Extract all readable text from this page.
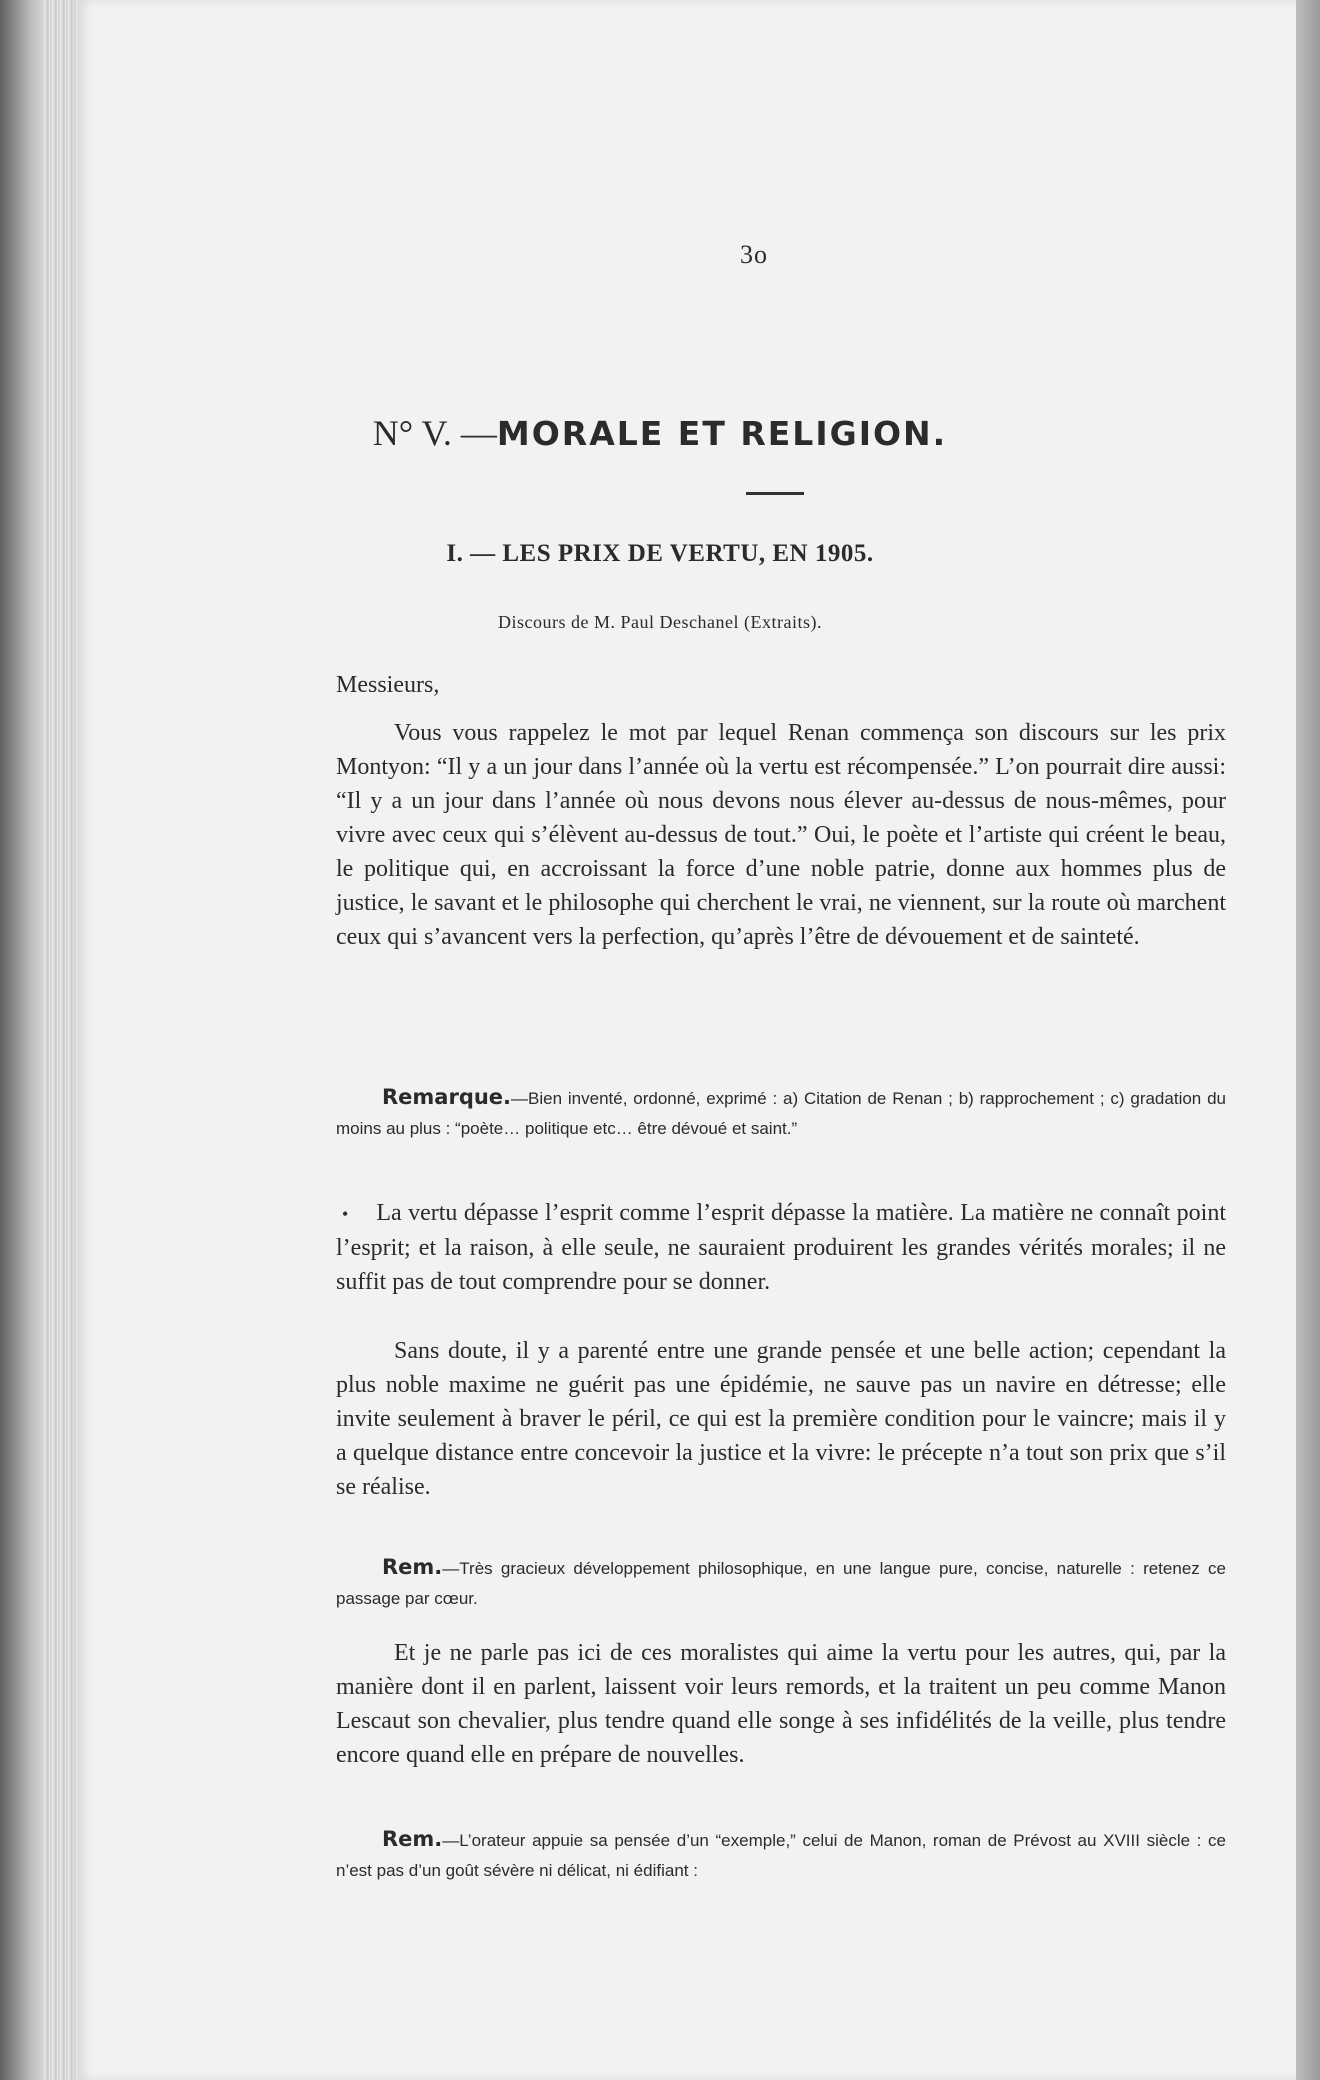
3o
N° V. —MORALE ET RELIGION.
I. — LES PRIX DE VERTU, EN 1905.
Discours de M. Paul Deschanel (Extraits).
Messieurs,
Vous vous rappelez le mot par lequel Renan commença son discours sur les prix Montyon: “Il y a un jour dans l’année où la vertu est récompensée.” L’on pourrait dire aussi: “Il y a un jour dans l’année où nous devons nous élever au-dessus de nous-mêmes, pour vivre avec ceux qui s’élèvent au-dessus de tout.” Oui, le poète et l’artiste qui créent le beau, le politique qui, en accroissant la force d’une noble patrie, donne aux hommes plus de justice, le savant et le philosophe qui cherchent le vrai, ne viennent, sur la route où marchent ceux qui s’avancent vers la perfection, qu’après l’être de dévouement et de sainteté.
Remarque.—Bien inventé, ordonné, exprimé : a) Citation de Renan ; b) rapprochement ; c) gradation du moins au plus : “poète… politique etc… être dévoué et saint.”
• La vertu dépasse l’esprit comme l’esprit dépasse la matière. La matière ne connaît point l’esprit; et la raison, à elle seule, ne sauraient produirent les grandes vérités morales; il ne suffit pas de tout comprendre pour se donner.
Sans doute, il y a parenté entre une grande pensée et une belle action; cependant la plus noble maxime ne guérit pas une épidémie, ne sauve pas un navire en détresse; elle invite seulement à braver le péril, ce qui est la première condition pour le vaincre; mais il y a quelque distance entre concevoir la justice et la vivre: le précepte n’a tout son prix que s’il se réalise.
Rem.—Très gracieux développement philosophique, en une langue pure, concise, naturelle : retenez ce passage par cœur.
Et je ne parle pas ici de ces moralistes qui aime la vertu pour les autres, qui, par la manière dont il en parlent, laissent voir leurs remords, et la traitent un peu comme Manon Lescaut son chevalier, plus tendre quand elle songe à ses infidélités de la veille, plus tendre encore quand elle en prépare de nouvelles.
Rem.—L’orateur appuie sa pensée d’un “exemple,” celui de Manon, roman de Prévost au XVIII siècle : ce n’est pas d’un goût sévère ni délicat, ni édifiant :
